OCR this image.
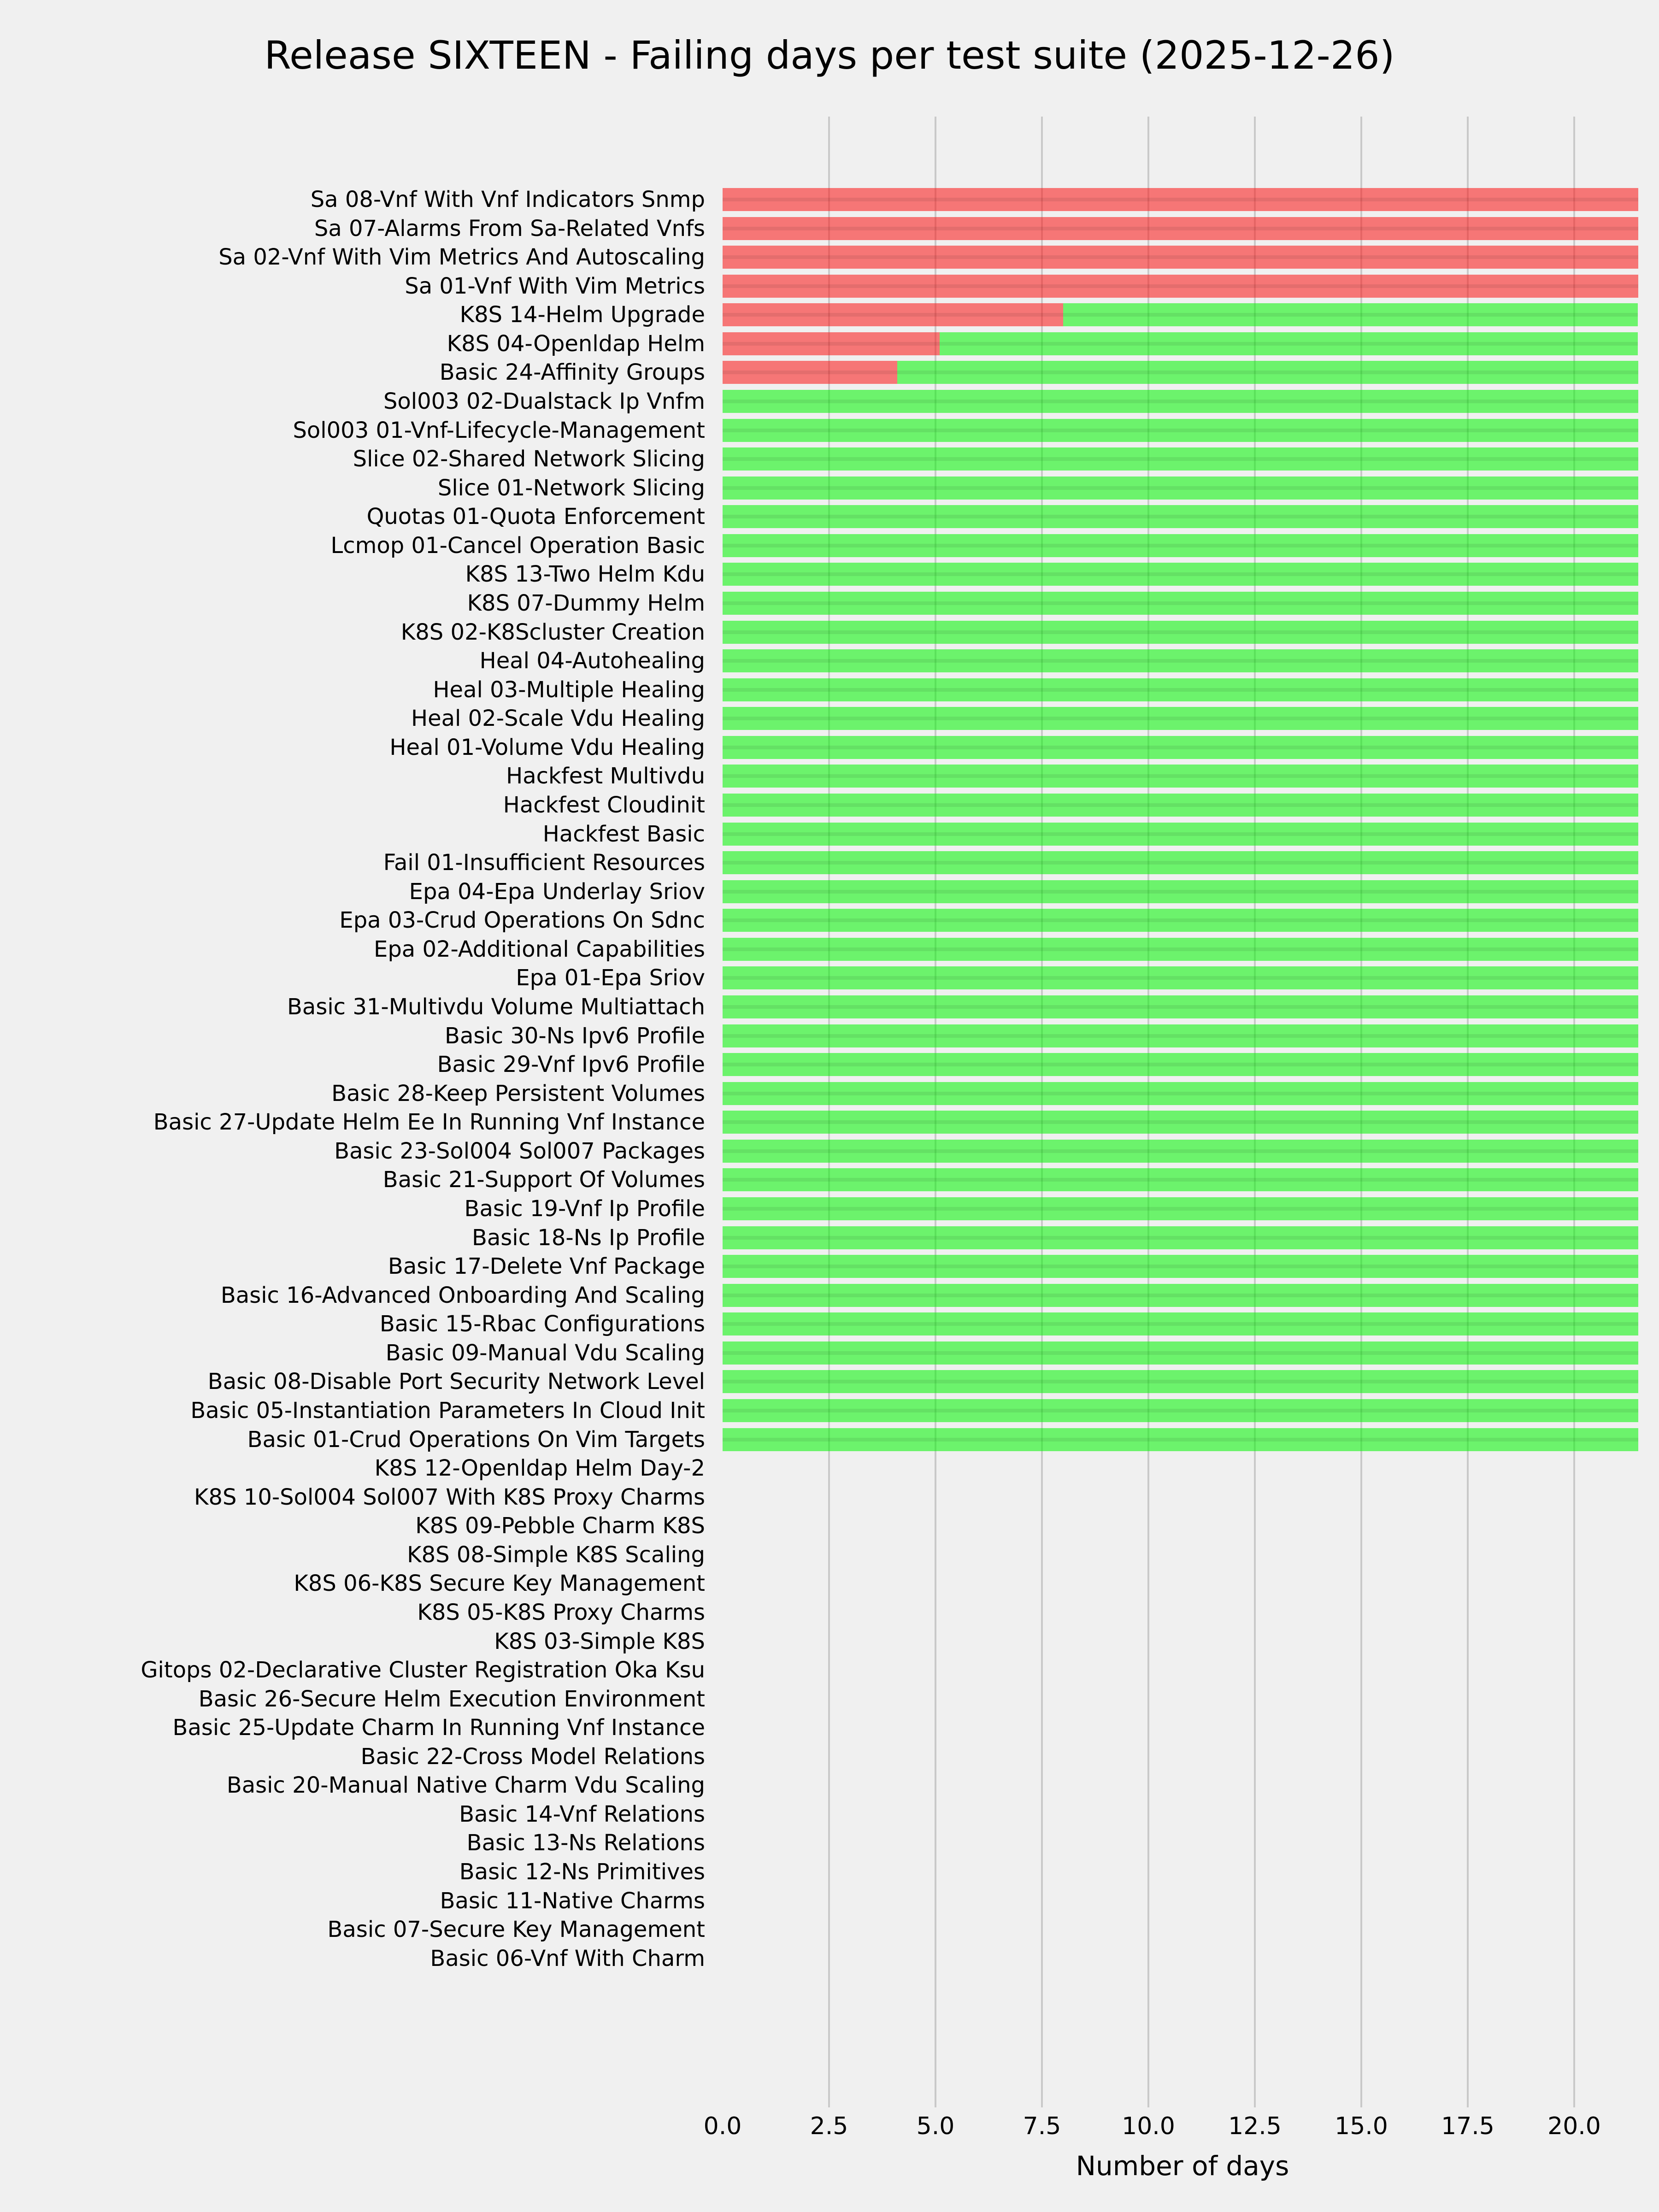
Release SIXTEEN - Failing days per test suite (2025-12-26)
Sa 08-Vnf With Vnf Indicators Snmp
Sa 07-Alarms From Sa-Related Vnfs
Sa 02-Vnf With Vim Metrics And Autoscaling
Sa 01-Vnf With Vim Metrics
K8S 14-Helm Upgrade
K8S 04-Openldap Helm
Basic 24-Affinity Groups
Sol003 02-Dualstack Ip Vnfm
Sol003 01-Vnf-Lifecycle-Management
Slice 02-Shared Network Slicing
Slice 01-Network Slicing
Quotas 01-Quota Enforcement
Lcmop 01-Cancel Operation Basic
K8S 13-Two Helm Kdu
K8S 07-Dummy Helm
K8S 02-K8Scluster Creation
Heal 04-Autohealing
Heal 03-Multiple Healing
Heal 02-Scale Vdu Healing
Heal 01-Volume Vdu Healing
Hackfest Multivdu
Hackfest Cloudinit
Hackfest Basic
Fail 01-Insufficient Resources
Epa 04-Epa Underlay Sriov
Epa 03-Crud Operations On Sdnc
Epa 02-Additional Capabilities
Epa 01-Epa Sriov
Basic 31-Multivdu Volume Multiattach
Basic 30-Ns Ipv6 Profile
Basic 29-Vnf Ipv6 Profile
Basic 28-Keep Persistent Volumes
Basic 27-Update Helm Ee In Running Vnf Instance
Basic 23-Sol004 Sol007 Packages
Basic 21-Support Of Volumes
Basic 19-Vnf Ip Profile
Basic 18-Ns Ip Profile
Basic 17-Delete Vnf Package
Basic 16-Advanced Onboarding And Scaling
Basic 15-Rbac Configurations
Basic 09-Manual Vdu Scaling
Basic 08-Disable Port Security Network Level
Basic 05-Instantiation Parameters In Cloud Init
Basic 01-Crud Operations On Vim Targets
K8S 12-Openldap Helm Day-2
K8S 10-Sol004 Sol007 With K8S Proxy Charms
K8S 09-Pebble Charm K8S
K8S 08-Simple K8S Scaling
K8S 06-K8S Secure Key Management
K8S 05-K8S Proxy Charms
K8S 03-Simple K8S
Gitops 02-Declarative Cluster Registration Oka Ksu
Basic 26-Secure Helm Execution Environment
Basic 25-Update Charm In Running Vnf Instance
Basic 22-Cross Model Relations
Basic 20-Manual Native Charm Vdu Scaling
Basic 14-Vnf Relations
Basic 13-Ns Relations
Basic 12-Ns Primitives
Basic 11-Native Charms
Basic 07-Secure Key Management
Basic 06-Vnf With Charm
0.0	2.5	5.0	7.5	10.0 12.5 15.0 17.5 20.0
Number of days
